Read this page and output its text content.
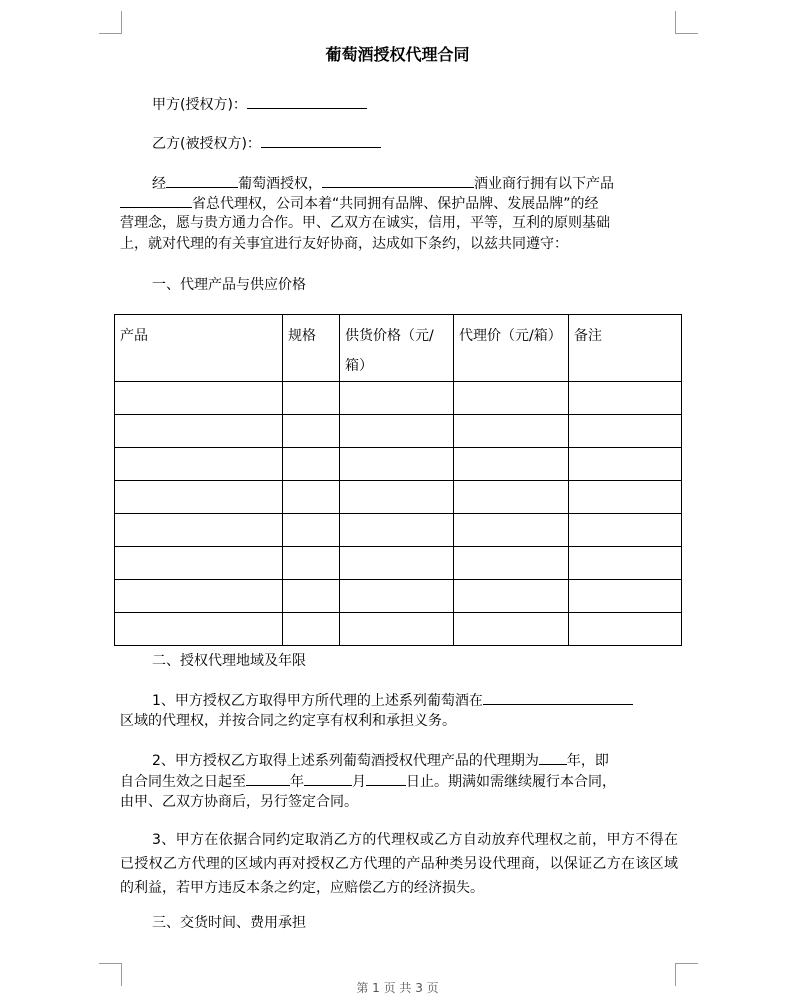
葡萄酒授权代理合同
甲方(授权方)：
乙方(被授权方)：
经	葡萄酒授权，	酒业商行拥有以下产品
省总代理权，公司本着“共同拥有品牌、保护品牌、发展品牌”的经
营理念，愿与贵方通力合作。甲、乙双方在诚实，信用，平等，互利的原则基础
上，就对代理的有关事宜进行友好协商，达成如下条约，以兹共同遵守：
一、代理产品与供应价格
产品	规格	供货价格（元/箱）	代理价（元/箱）	备注

二、授权代理地域及年限
1、甲方授权乙方取得甲方所代理的上述系列葡萄酒在
区域的代理权，并按合同之约定享有权利和承担义务。
2、甲方授权乙方取得上述系列葡萄酒授权代理产品的代理期为 年，即
自合同生效之日起至	年	月	日止。期满如需继续履行本合同，
由甲、乙双方协商后，另行签定合同。
3、甲方在依据合同约定取消乙方的代理权或乙方自动放弃代理权之前，甲方不得在已授权乙方代理的区域内再对授权乙方代理的产品种类另设代理商，以保证乙方在该区域的利益，若甲方违反本条之约定，应赔偿乙方的经济损失。
三、交货时间、费用承担
第 1 页 共 3 页
